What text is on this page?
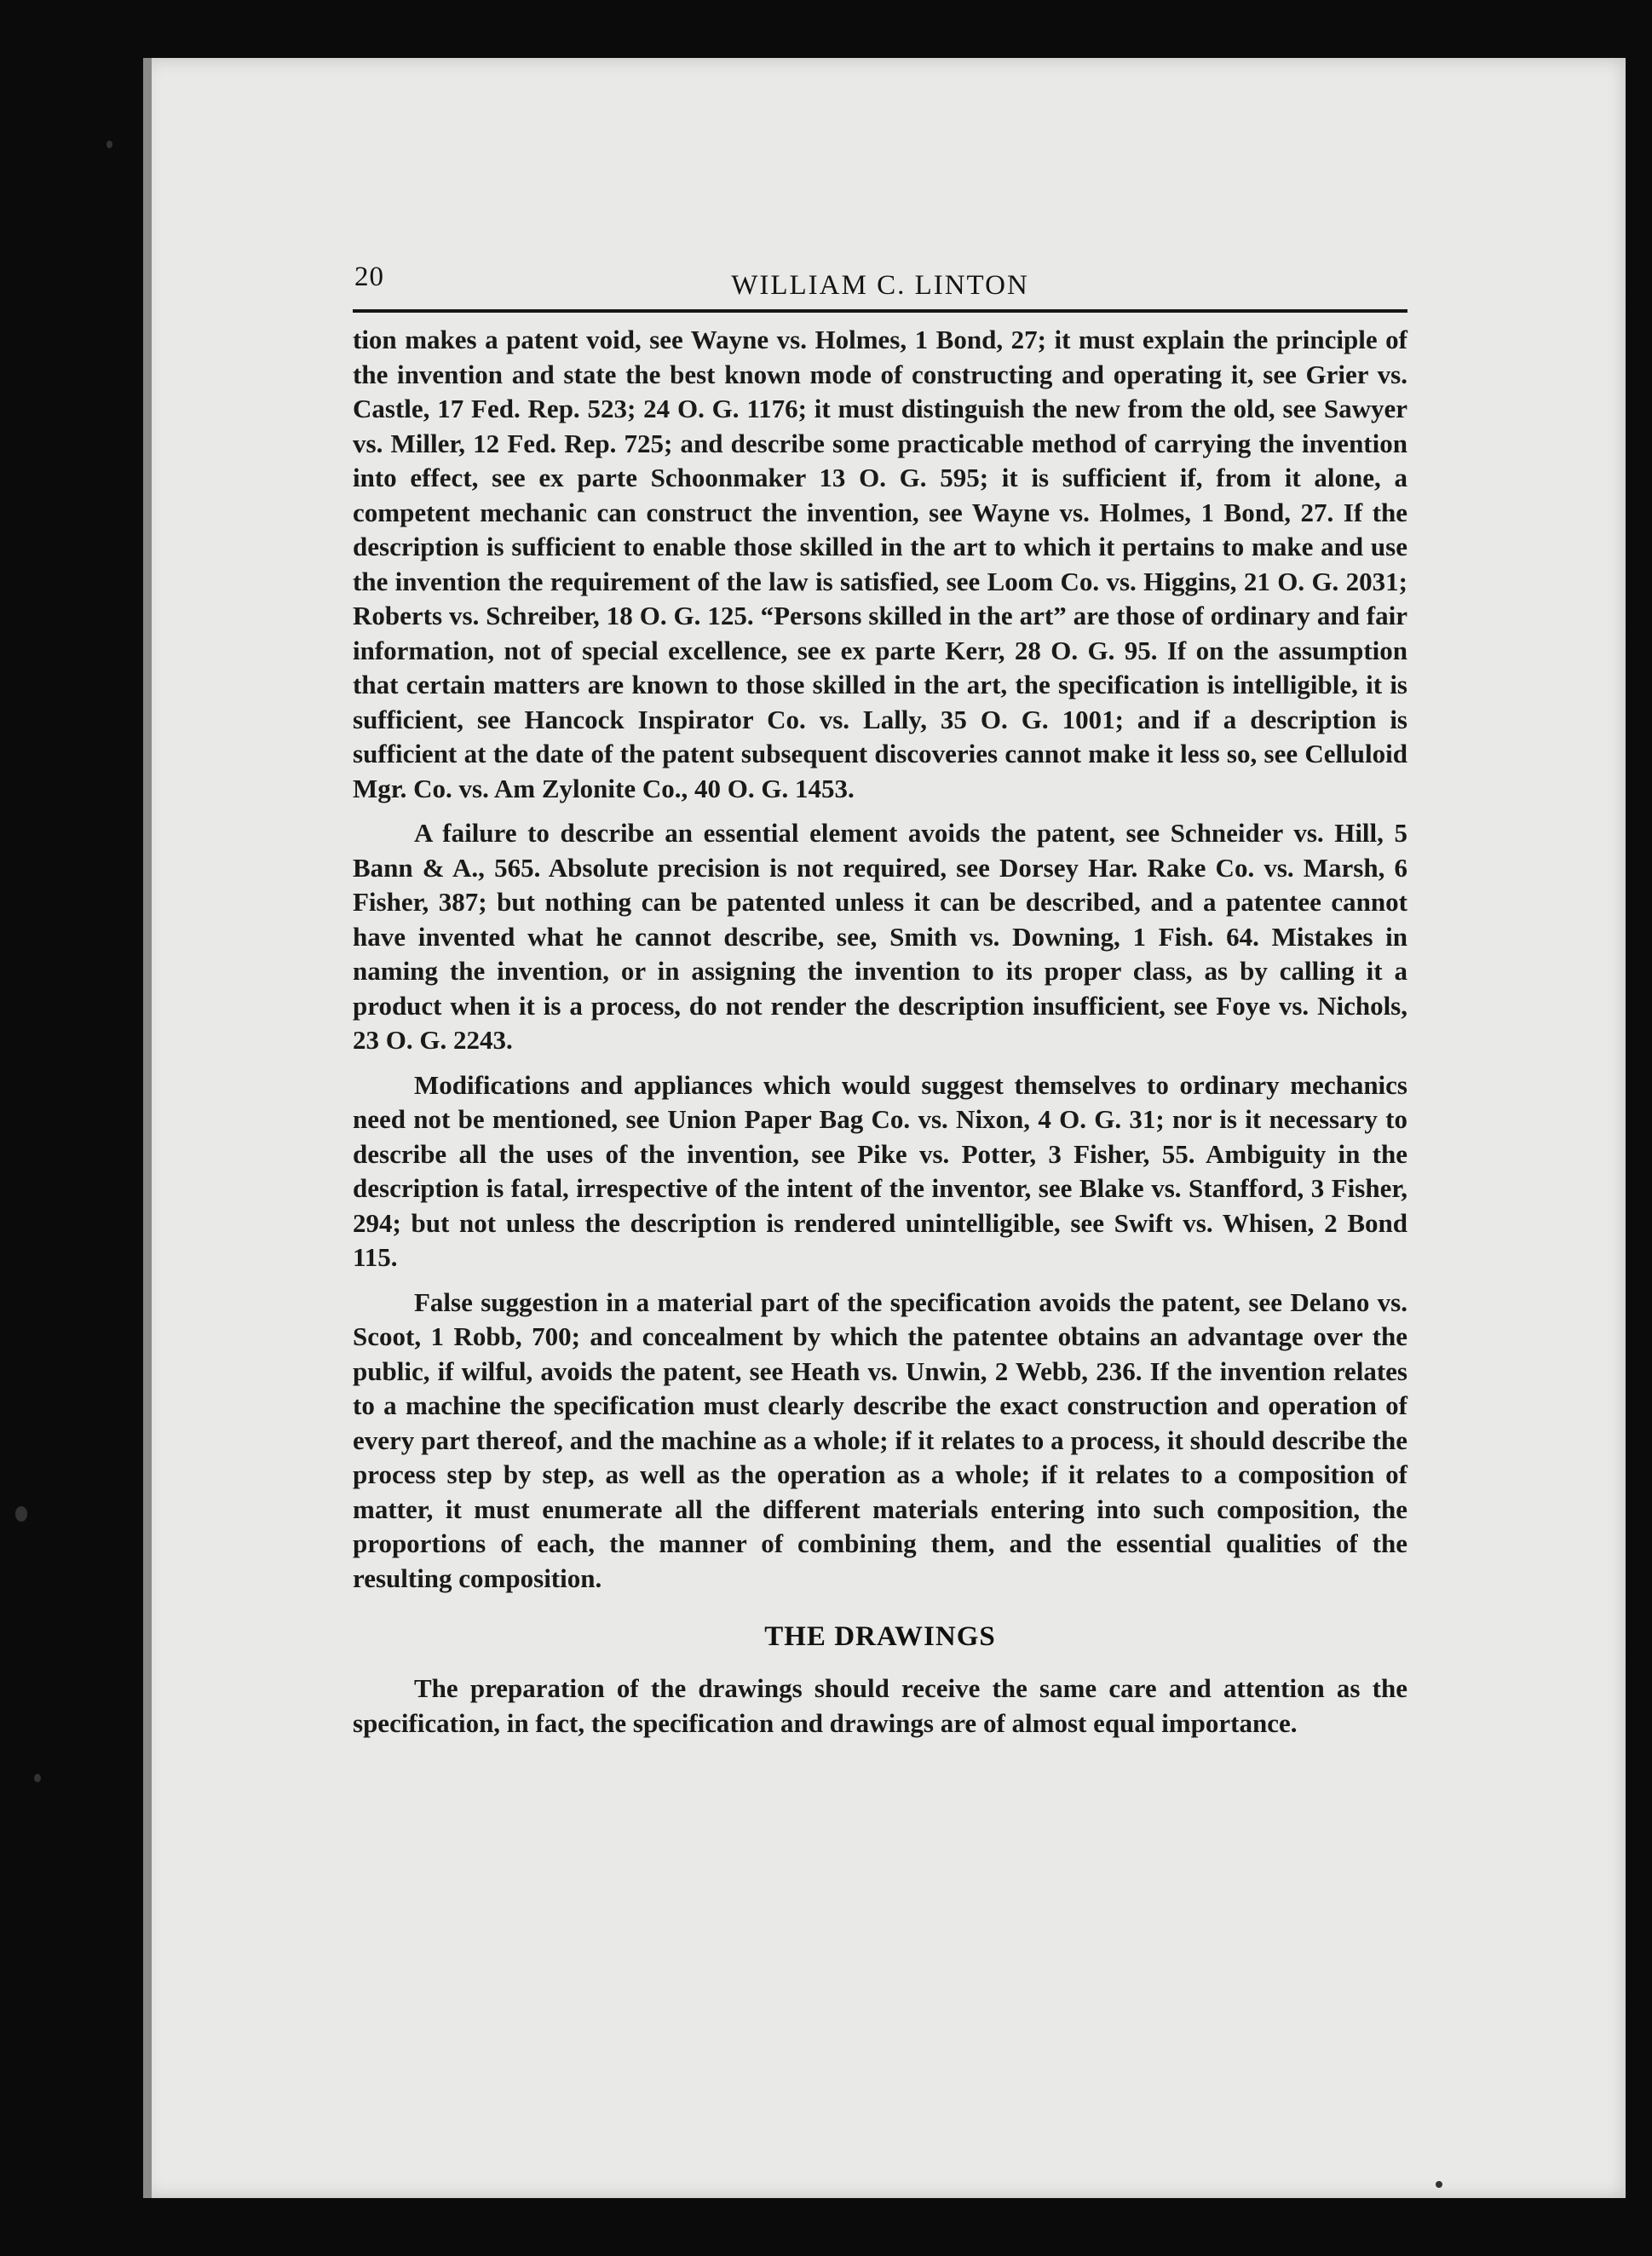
20	WILLIAM C. LINTON

tion makes a patent void, see Wayne vs. Holmes, 1 Bond, 27; it must explain the principle of the invention and state the best known mode of constructing and operating it, see Grier vs. Castle, 17 Fed. Rep. 523; 24 O. G. 1176; it must distinguish the new from the old, see Sawyer vs. Miller, 12 Fed. Rep. 725; and describe some practicable method of carrying the invention into effect, see ex parte Schoonmaker 13 O. G. 595; it is sufficient if, from it alone, a competent mechanic can construct the invention, see Wayne vs. Holmes, 1 Bond, 27. If the description is sufficient to enable those skilled in the art to which it pertains to make and use the invention the requirement of the law is satisfied, see Loom Co. vs. Higgins, 21 O. G. 2031; Roberts vs. Schreiber, 18 O. G. 125. “Persons skilled in the art” are those of ordinary and fair information, not of special excellence, see ex parte Kerr, 28 O. G. 95. If on the assumption that certain matters are known to those skilled in the art, the specification is intelligible, it is sufficient, see Hancock Inspirator Co. vs. Lally, 35 O. G. 1001; and if a description is sufficient at the date of the patent subsequent discoveries cannot make it less so, see Celluloid Mgr. Co. vs. Am Zylonite Co., 40 O. G. 1453.

A failure to describe an essential element avoids the patent, see Schneider vs. Hill, 5 Bann & A., 565. Absolute precision is not required, see Dorsey Har. Rake Co. vs. Marsh, 6 Fisher, 387; but nothing can be patented unless it can be described, and a patentee cannot have invented what he cannot describe, see, Smith vs. Downing, 1 Fish. 64. Mistakes in naming the invention, or in assigning the invention to its proper class, as by calling it a product when it is a process, do not render the description insufficient, see Foye vs. Nichols, 23 O. G. 2243.

Modifications and appliances which would suggest themselves to ordinary mechanics need not be mentioned, see Union Paper Bag Co. vs. Nixon, 4 O. G. 31; nor is it necessary to describe all the uses of the invention, see Pike vs. Potter, 3 Fisher, 55. Ambiguity in the description is fatal, irrespective of the intent of the inventor, see Blake vs. Stanfford, 3 Fisher, 294; but not unless the description is rendered unintelligible, see Swift vs. Whisen, 2 Bond 115.

False suggestion in a material part of the specification avoids the patent, see Delano vs. Scoot, 1 Robb, 700; and concealment by which the patentee obtains an advantage over the public, if wilful, avoids the patent, see Heath vs. Unwin, 2 Webb, 236. If the invention relates to a machine the specification must clearly describe the exact construction and operation of every part thereof, and the machine as a whole; if it relates to a process, it should describe the process step by step, as well as the operation as a whole; if it relates to a composition of matter, it must enumerate all the different materials entering into such composition, the proportions of each, the manner of combining them, and the essential qualities of the resulting composition.

THE DRAWINGS

The preparation of the drawings should receive the same care and attention as the specification, in fact, the specification and drawings are of almost equal importance.
